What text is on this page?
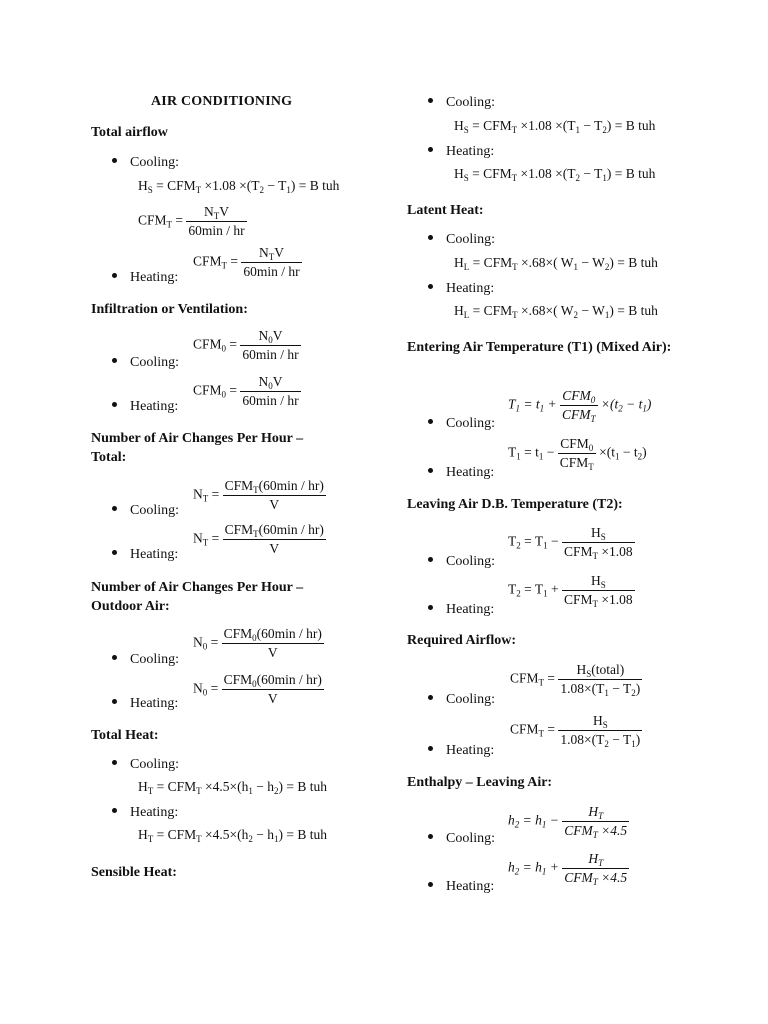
AIR CONDITIONING
Total airflow
Cooling:
$H_S = CFM_T \times 1.08 \times(T_2 - T_1) = B$ tuh
$CFM_T = \frac{N_TV}{60\min / hr}$
$CFM_T = \frac{N_TV}{60\min / hr}$
Heating:
Infiltration or Ventilation:
$CFM_0 = \frac{N_0V}{60\min / hr}$
Cooling:
$CFM_0 = \frac{N_0V}{60\min / hr}$
Heating:
Number of Air Changes Per Hour – Total:
$N_T = \frac{CFM_T(60\min / hr)}{V}$
Cooling:
$N_T = \frac{CFM_T(60\min / hr)}{V}$
Heating:
Number of Air Changes Per Hour – Outdoor Air:
$N_0 = \frac{CFM_0(60\min / hr)}{V}$
Cooling:
$N_0 = \frac{CFM_0(60\min / hr)}{V}$
Heating:
Total Heat:
Cooling:
$H_T = CFM_T \times 4.5\times(h_1 - h_2) = B$ tuh
Heating:
$H_T = CFM_T \times 4.5\times(h_2 - h_1) = B$ tuh
Sensible Heat:
Cooling:
$H_S = CFM_T \times 1.08 \times(T_1 - T_2) = B$ tuh
Heating:
$H_S = CFM_T \times 1.08 \times(T_2 - T_1) = B$ tuh
Latent Heat:
Cooling:
$H_L = CFM_T \times.68\times$( $W_1 - W_2) = B$ tuh
Heating:
$H_L = CFM_T \times.68\times$( $W_2 - W_1) = B$ tuh
Entering Air Temperature (T1) (Mixed Air):
$T_1 = t_1 + \frac{CFM_0}{CFM_T} \times(t_2 - t_1)$
Cooling:
$T_1 = t_1 - \frac{CFM_0}{CFM_T} \times(t_1 - t_2)$
Heating:
Leaving Air D.B. Temperature (T2):
$T_2 = T_1 - \frac{H_S}{CFM_T \times 1.08}$
Cooling:
$T_2 = T_1 + \frac{H_S}{CFM_T \times 1.08}$
Heating:
Required Airflow:
$CFM_T = \frac{H_S(total)}{1.08\times(T_1 - T_2)}$
Cooling:
$CFM_T = \frac{H_S}{1.08\times(T_2 - T_1)}$
Heating:
Enthalpy – Leaving Air:
$h_2 = h_1 - \frac{H_T}{CFM_T \times 4.5}$
Cooling:
$h_2 = h_1 + \frac{H_T}{CFM_T \times 4.5}$
Heating:
